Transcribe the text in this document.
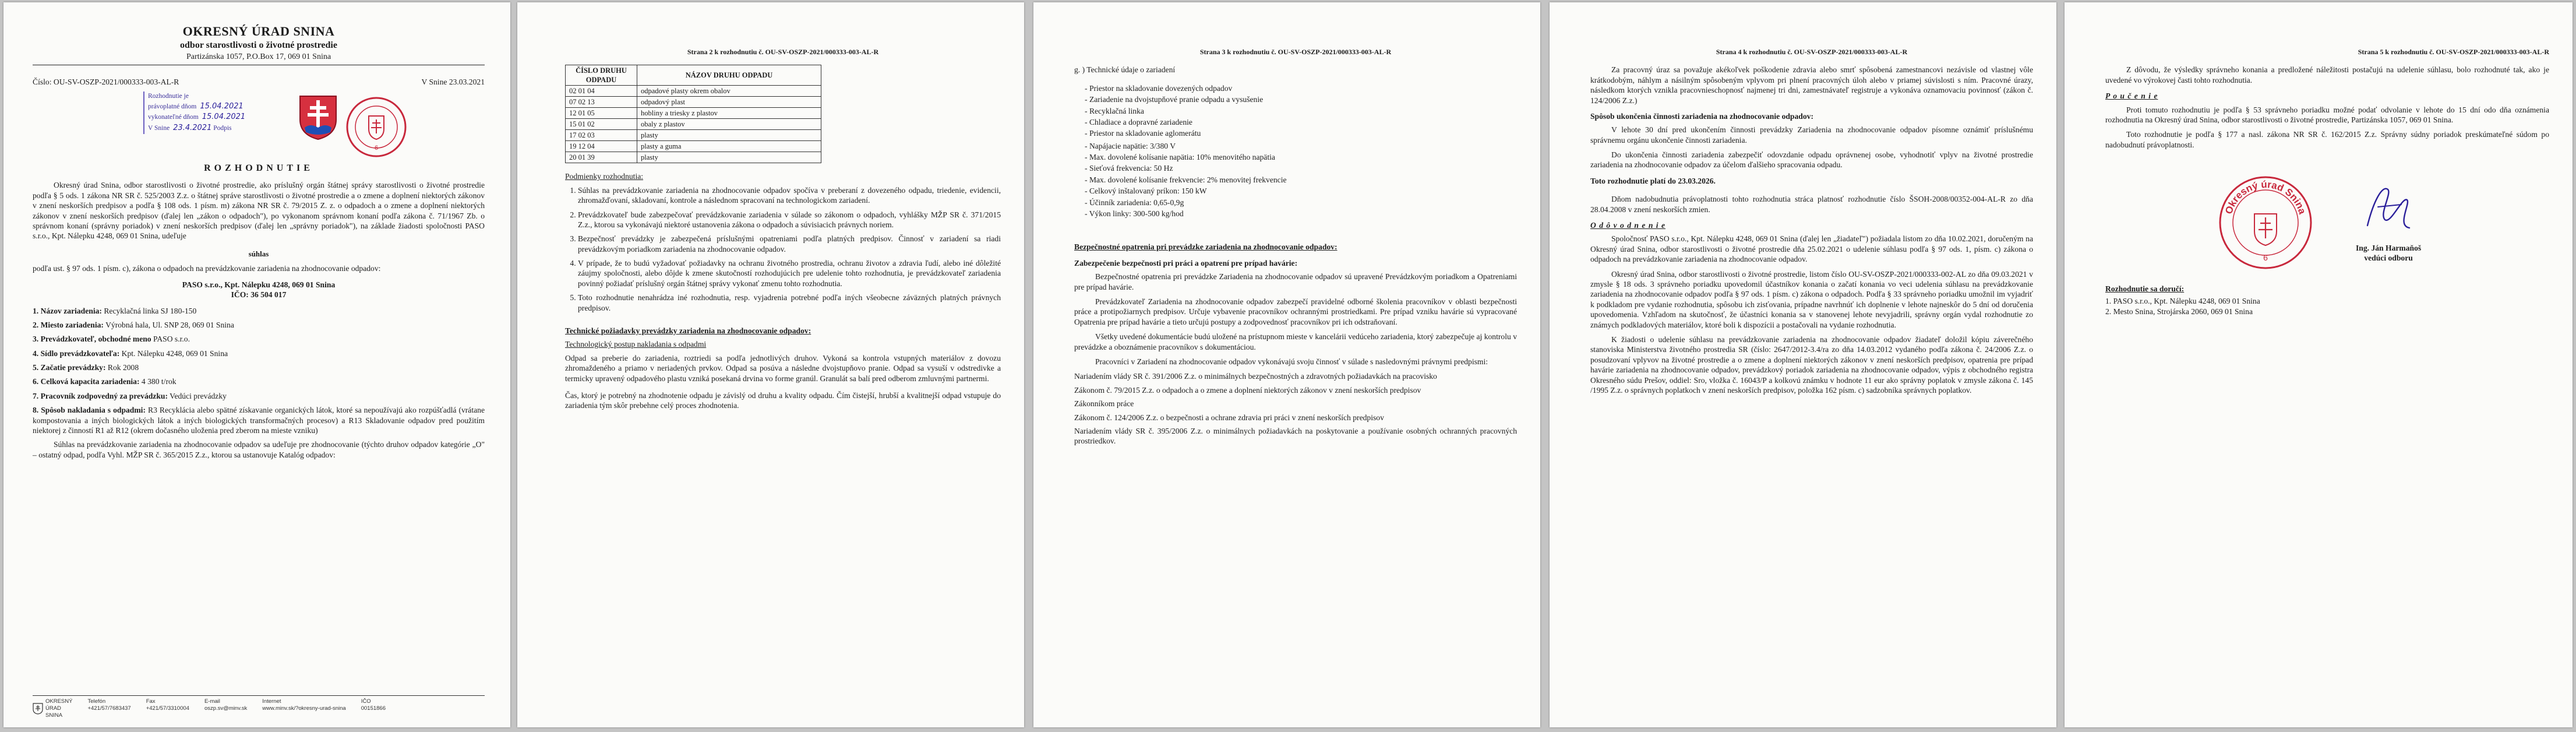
OKRESNÝ ÚRAD SNINA

odbor starostlivosti o životné prostredie

Partizánska 1057, P.O.Box 17, 069 01 Snina

Číslo: OU-SV-OSZP-2021/000333-003-AL-R	V Snine 23.03.2021
Rozhodnutie je
právoplatné dňom 15.04.2021
vykonateľné dňom 15.04.2021
V Snine 23.4.2021 Podpis
6

ROZHODNUTIE

Okresný úrad Snina, odbor starostlivosti o životné prostredie, ako príslušný orgán štátnej správy starostlivosti o životné prostredie podľa § 5 ods. 1 zákona NR SR č. 525/2003 Z.z. o štátnej správe starostlivosti o životné prostredie a o zmene a doplnení niektorých zákonov v znení neskorších predpisov a podľa § 108 ods. 1 písm. m) zákona NR SR č. 79/2015 Z. z. o odpadoch a o zmene a doplnení niektorých zákonov v znení neskorších predpisov (ďalej len „zákon o odpadoch"), po vykonanom správnom konaní podľa zákona č. 71/1967 Zb. o správnom konaní (správny poriadok) v znení neskorších predpisov (ďalej len „správny poriadok"), na základe žiadosti spoločnosti PASO s.r.o., Kpt. Nálepku 4248, 069 01 Snina, udeľuje

súhlas

podľa ust. § 97 ods. 1 písm. c), zákona o odpadoch na prevádzkovanie zariadenia na zhodnocovanie odpadov:

PASO s.r.o., Kpt. Nálepku 4248, 069 01 Snina

IČO: 36 504 017

1. Názov zariadenia: Recyklačná linka SJ 180-150
2. Miesto zariadenia: Výrobná hala, Ul. SNP 28, 069 01 Snina
3. Prevádzkovateľ, obchodné meno PASO s.r.o.
4. Sídlo prevádzkovateľa: Kpt. Nálepku 4248, 069 01 Snina
5. Začatie prevádzky: Rok 2008
6. Celková kapacita zariadenia: 4 380 t/rok
7. Pracovník zodpovedný za prevádzku: Vedúci prevádzky
8. Spôsob nakladania s odpadmi: R3 Recyklácia alebo spätné získavanie organických látok, ktoré sa nepoužívajú ako rozpúšťadlá (vrátane kompostovania a iných biologických látok a iných biologických transformačných procesov) a R13 Skladovanie odpadov pred použitím niektorej z činností R1 až R12 (okrem dočasného uloženia pred zberom na mieste vzniku)

Súhlas na prevádzkovanie zariadenia na zhodnocovanie odpadov sa udeľuje pre zhodnocovanie (týchto druhov odpadov kategórie „O" – ostatný odpad, podľa Vyhl. MŽP SR č. 365/2015 Z.z., ktorou sa ustanovuje Katalóg odpadov:

OKRESNÝ
ÚRAD
SNINA
Telefón
+421/57/7683437
Fax
+421/57/3310004
E-mail
oszp.sv@minv.sk
Internet
www.minv.sk/?okresny-urad-snina
IČO
00151866

Strana 2 k rozhodnutiu č. OU-SV-OSZP-2021/000333-003-AL-R

ČÍSLO DRUHU ODPADU	NÁZOV DRUHU ODPADU
02 01 04	odpadové plasty okrem obalov
07 02 13	odpadový plast
12 01 05	hobliny a triesky z plastov
15 01 02	obaly z plastov
17 02 03	plasty
19 12 04	plasty a guma
20 01 39	plasty

Podmienky rozhodnutia:

1. Súhlas na prevádzkovanie zariadenia na zhodnocovanie odpadov spočíva v preberaní z dovezeného odpadu, triedenie, evidencii, zhromažďovaní, skladovaní, kontrole a následnom spracovaní na technologickom zariadení.
2. Prevádzkovateľ bude zabezpečovať prevádzkovanie zariadenia v súlade so zákonom o odpadoch, vyhlášky MŽP SR č. 371/2015 Z.z., ktorou sa vykonávajú niektoré ustanovenia zákona o odpadoch a súvisiacich právnych noriem.
3. Bezpečnosť prevádzky je zabezpečená príslušnými opatreniami podľa platných predpisov. Činnosť v zariadení sa riadi prevádzkovým poriadkom zariadenia na zhodnocovanie odpadov.
4. V prípade, že to budú vyžadovať požiadavky na ochranu životného prostredia, ochranu životov a zdravia ľudí, alebo iné dôležité záujmy spoločnosti, alebo dôjde k zmene skutočností rozhodujúcich pre udelenie tohto rozhodnutia, je prevádzkovateľ zariadenia povinný požiadať príslušný orgán štátnej správy vykonať zmenu tohto rozhodnutia.
5. Toto rozhodnutie nenahrádza iné rozhodnutia, resp. vyjadrenia potrebné podľa iných všeobecne záväzných platných právnych predpisov.

Technické požiadavky prevádzky zariadenia na zhodnocovanie odpadov:

Technologický postup nakladania s odpadmi

Odpad sa preberie do zariadenia, roztriedi sa podľa jednotlivých druhov. Vykoná sa kontrola vstupných materiálov z dovozu zhromaždeného a priamo v neriadených prvkov. Odpad sa posúva a následne dvojstupňovo pranie. Odpad sa vysuší v odstredivke a termicky upravený odpadového plastu vzniká posekaná drvina vo forme granúl. Granulát sa balí pred odberom zmluvnými partnermi.

Čas, ktorý je potrebný na zhodnotenie odpadu je závislý od druhu a kvality odpadu. Čím čistejší, hrubší a kvalitnejší odpad vstupuje do zariadenia tým skôr prebehne celý proces zhodnotenia.

Strana 3 k rozhodnutiu č. OU-SV-OSZP-2021/000333-003-AL-R

g. ) Technické údaje o zariadení

- Priestor na skladovanie dovezených odpadov
- Zariadenie na dvojstupňové pranie odpadu a vysušenie
- Recyklačná linka
- Chladiace a dopravné zariadenie
- Priestor na skladovanie aglomerátu
- Napájacie napätie: 3/380 V
- Max. dovolené kolísanie napätia: 10% menovitého napätia
- Sieťová frekvencia: 50 Hz
- Max. dovolené kolísanie frekvencie: 2% menovitej frekvencie
- Celkový inštalovaný príkon: 150 kW
- Účinník zariadenia: 0,65-0,9g
- Výkon linky: 300-500 kg/hod

Bezpečnostné opatrenia pri prevádzke zariadenia na zhodnocovanie odpadov:

Zabezpečenie bezpečnosti pri práci a opatrení pre prípad havárie:

Bezpečnostné opatrenia pri prevádzke Zariadenia na zhodnocovanie odpadov sú upravené Prevádzkovým poriadkom a Opatreniami pre prípad havárie.

Prevádzkovateľ Zariadenia na zhodnocovanie odpadov zabezpečí pravidelné odborné školenia pracovníkov v oblasti bezpečnosti práce a protipožiarnych predpisov. Určuje vybavenie pracovníkov ochrannými prostriedkami. Pre prípad vzniku havárie sú vypracované Opatrenia pre prípad havárie a tieto určujú postupy a zodpovednosť pracovníkov pri ich odstraňovaní.

Všetky uvedené dokumentácie budú uložené na prístupnom mieste v kancelárii vedúceho zariadenia, ktorý zabezpečuje aj kontrolu v prevádzke a oboznámenie pracovníkov s dokumentáciou.

Pracovníci v Zariadení na zhodnocovanie odpadov vykonávajú svoju činnosť v súlade s nasledovnými právnymi predpismi:

Nariadením vlády SR č. 391/2006 Z.z. o minimálnych bezpečnostných a zdravotných požiadavkách na pracovisko

Zákonom č. 79/2015 Z.z. o odpadoch a o zmene a doplnení niektorých zákonov v znení neskorších predpisov

Zákonníkom práce

Zákonom č. 124/2006 Z.z. o bezpečnosti a ochrane zdravia pri práci v znení neskorších predpisov

Nariadením vlády SR č. 395/2006 Z.z. o minimálnych požiadavkách na poskytovanie a používanie osobných ochranných pracovných prostriedkov.

Strana 4 k rozhodnutiu č. OU-SV-OSZP-2021/000333-003-AL-R

Za pracovný úraz sa považuje akékoľvek poškodenie zdravia alebo smrť spôsobená zamestnancovi nezávisle od vlastnej vôle krátkodobým, náhlym a násilným spôsobeným vplyvom pri plnení pracovných úloh alebo v priamej súvislosti s ním. Pracovné úrazy, následkom ktorých vznikla pracovnieschopnosť najmenej tri dni, zamestnávateľ registruje a vykonáva oznamovaciu povinnosť (zákon č. 124/2006 Z.z.)

Spôsob ukončenia činnosti zariadenia na zhodnocovanie odpadov:

V lehote 30 dní pred ukončením činnosti prevádzky Zariadenia na zhodnocovanie odpadov písomne oznámiť príslušnému správnemu orgánu ukončenie činnosti zariadenia.

Do ukončenia činnosti zariadenia zabezpečiť odovzdanie odpadu oprávnenej osobe, vyhodnotiť vplyv na životné prostredie zariadenia na zhodnocovanie odpadov za účelom ďalšieho spracovania odpadu.

Toto rozhodnutie platí do 23.03.2026.

Dňom nadobudnutia právoplatnosti tohto rozhodnutia stráca platnosť rozhodnutie číslo ŠSOH-2008/00352-004-AL-R zo dňa 28.04.2008 v znení neskorších zmien.

O d ô v o d n e n i e

Spoločnosť PASO s.r.o., Kpt. Nálepku 4248, 069 01 Snina (ďalej len „žiadateľ") požiadala listom zo dňa 10.02.2021, doručeným na Okresný úrad Snina, odbor starostlivosti o životné prostredie dňa 25.02.2021 o udelenie súhlasu podľa § 97 ods. 1, písm. c) zákona o odpadoch na prevádzkovanie zariadenia na zhodnocovanie odpadov.

Okresný úrad Snina, odbor starostlivosti o životné prostredie, listom číslo OU-SV-OSZP-2021/000333-002-AL zo dňa 09.03.2021 v zmysle § 18 ods. 3 správneho poriadku upovedomil účastníkov konania o začatí konania vo veci udelenia súhlasu na prevádzkovanie zariadenia na zhodnocovanie odpadov podľa § 97 ods. 1 písm. c) zákona o odpadoch. Podľa § 33 správneho poriadku umožnil im vyjadriť k podkladom pre vydanie rozhodnutia, spôsobu ich zisťovania, prípadne navrhnúť ich doplnenie v lehote najneskôr do 5 dní od doručenia upovedomenia. Vzhľadom na skutočnosť, že účastníci konania sa v stanovenej lehote nevyjadrili, správny orgán vydal rozhodnutie zo známych podkladových materiálov, ktoré boli k dispozícii a postačovali na vydanie rozhodnutia.

K žiadosti o udelenie súhlasu na prevádzkovanie zariadenia na zhodnocovanie odpadov žiadateľ doložil kópiu záverečného stanoviska Ministerstva životného prostredia SR (číslo: 2647/2012-3.4/ra zo dňa 14.03.2012 vydaného podľa zákona č. 24/2006 Z.z. o posudzovaní vplyvov na životné prostredie a o zmene a doplnení niektorých zákonov v znení neskorších predpisov, opatrenia pre prípad havárie zariadenia na zhodnocovanie odpadov, prevádzkový poriadok zariadenia na zhodnocovanie odpadov, výpis z obchodného registra Okresného súdu Prešov, oddiel: Sro, vložka č. 16043/P a kolkovú známku v hodnote 11 eur ako správny poplatok v zmysle zákona č. 145 /1995 Z.z. o správnych poplatkoch v znení neskorších predpisov, položka 162 písm. c) sadzobníka správnych poplatkov.

Strana 5 k rozhodnutiu č. OU-SV-OSZP-2021/000333-003-AL-R

Z dôvodu, že výsledky správneho konania a predložené náležitosti postačujú na udelenie súhlasu, bolo rozhodnuté tak, ako je uvedené vo výrokovej časti tohto rozhodnutia.

P o u č e n i e

Proti tomuto rozhodnutiu je podľa § 53 správneho poriadku možné podať odvolanie v lehote do 15 dní odo dňa oznámenia rozhodnutia na Okresný úrad Snina, odbor starostlivosti o životné prostredie, Partizánska 1057, 069 01 Snina.

Toto rozhodnutie je podľa § 177 a nasl. zákona NR SR č. 162/2015 Z.z. Správny súdny poriadok preskúmateľné súdom po nadobudnutí právoplatnosti.

Okresný úrad Snina
6
Ing. Ján Harmaňoš
vedúci odboru

Rozhodnutie sa doručí:

1. PASO s.r.o., Kpt. Nálepku 4248, 069 01 Snina

2. Mesto Snina, Strojárska 2060, 069 01 Snina
